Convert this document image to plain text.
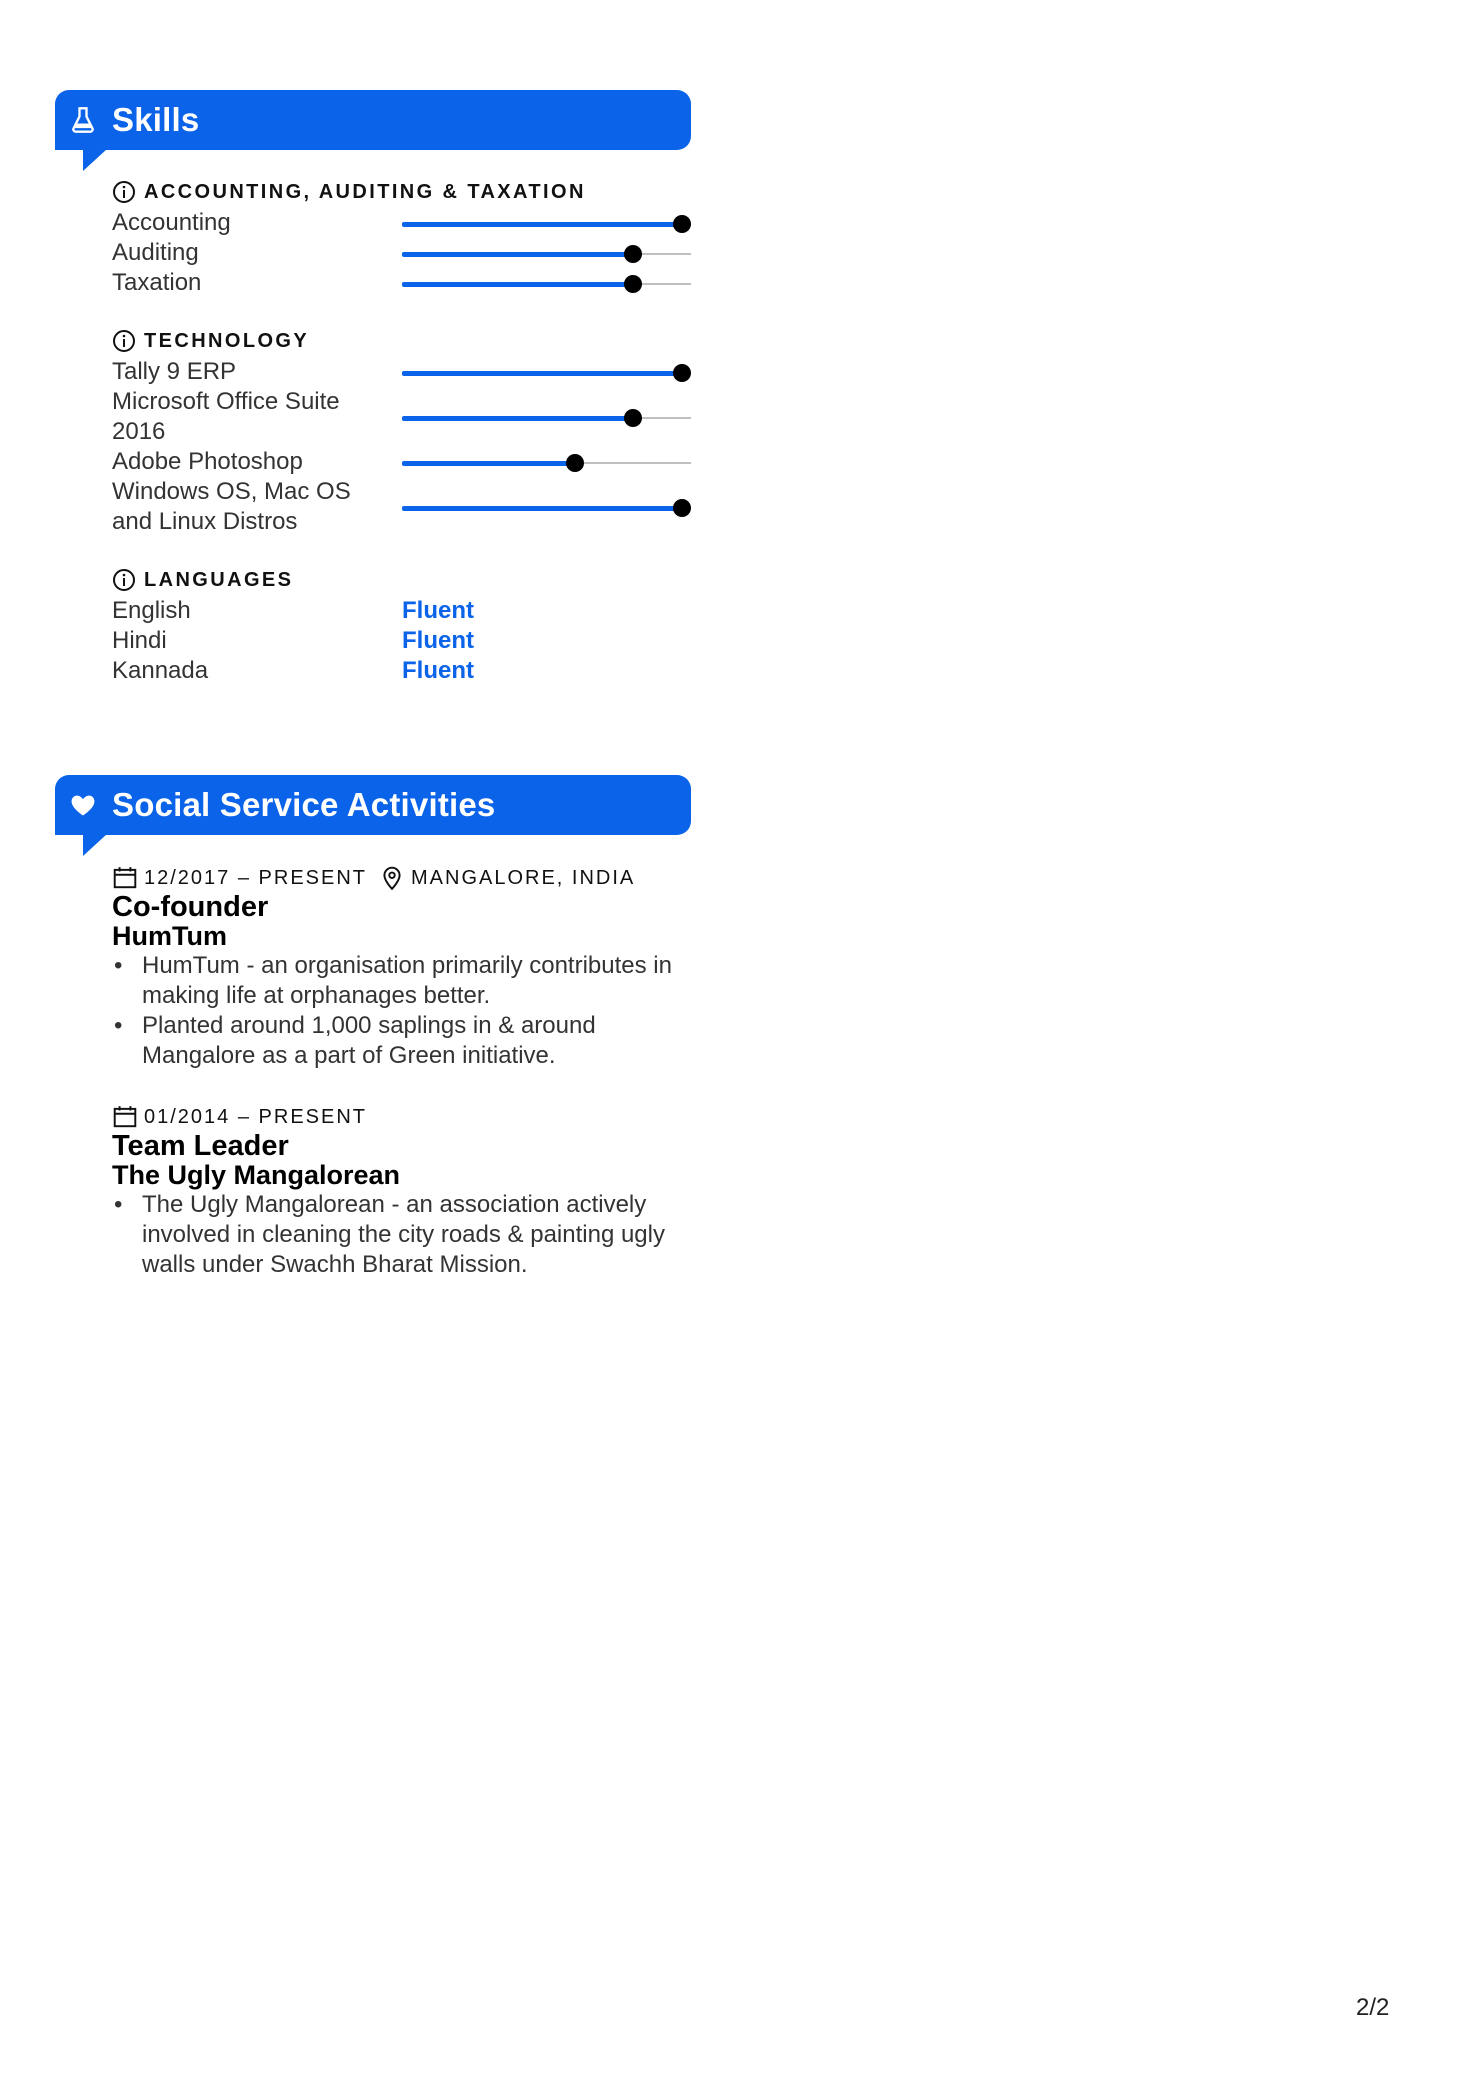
Skills
ACCOUNTING, AUDITING & TAXATION
Accounting
Auditing
Taxation
TECHNOLOGY
Tally 9 ERP
Microsoft Office Suite 2016
Adobe Photoshop
Windows OS, Mac OS and Linux Distros
LANGUAGES
English	Fluent
Hindi	Fluent
Kannada	Fluent
Social Service Activities
12/2017 – PRESENT MANGALORE, INDIA
Co-founder
HumTum
• HumTum - an organisation primarily contributes in making life at orphanages better.
• Planted around 1,000 saplings in & around Mangalore as a part of Green initiative.
01/2014 – PRESENT
Team Leader
The Ugly Mangalorean
• The Ugly Mangalorean - an association actively involved in cleaning the city roads & painting ugly walls under Swachh Bharat Mission.
2/2
